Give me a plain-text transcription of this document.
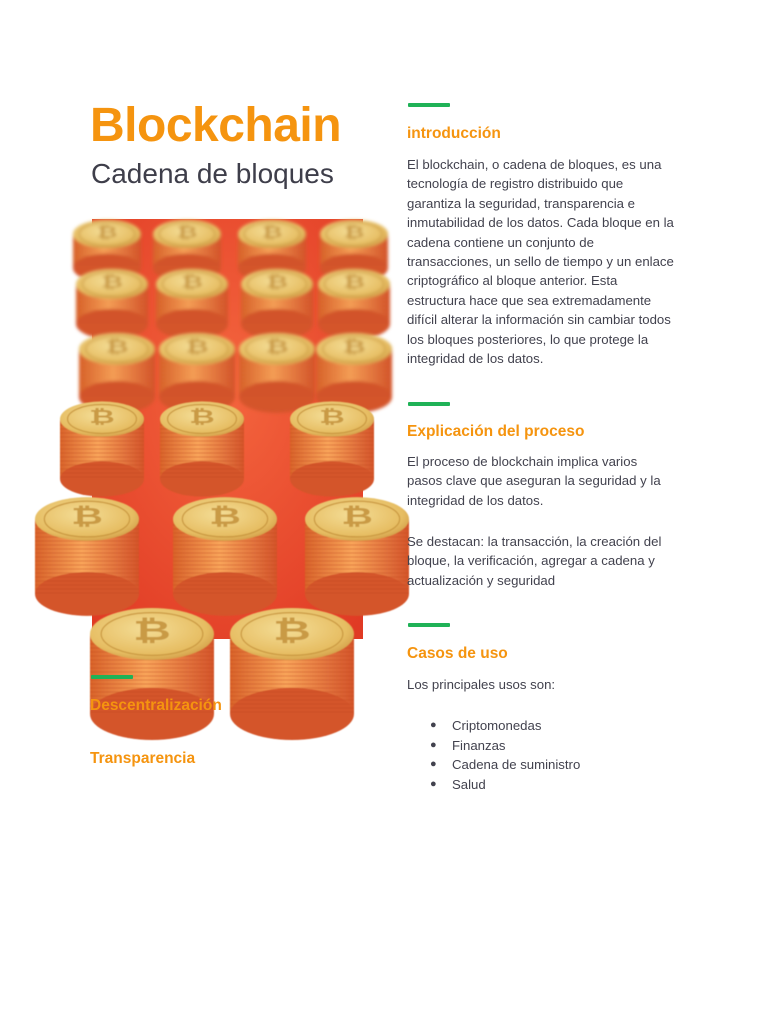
Blockchain
Cadena de bloques
₿ ₿	₿ ₿
₿ ₿ ₿ ₿
₿ ₿ ₿ ₿
₿ ₿	₿
₿	₿	₿
₿ ₿
Descentralización
Transparencia
introducción

El blockchain, o cadena de bloques, es una tecnología de registro distribuido que garantiza la seguridad, transparencia e inmutabilidad de los datos. Cada bloque en la cadena contiene un conjunto de transacciones, un sello de tiempo y un enlace criptográfico al bloque anterior. Esta estructura hace que sea extremadamente difícil alterar la información sin cambiar todos los bloques posteriores, lo que protege la integridad de los datos.

Explicación del proceso

El proceso de blockchain implica varios pasos clave que aseguran la seguridad y la integridad de los datos.

Se destacan: la transacción, la creación del bloque, la verificación, agregar a cadena y actualización y seguridad

Casos de uso

Los principales usos son:

● Criptomonedas
● Finanzas
● Cadena de suministro
● Salud
